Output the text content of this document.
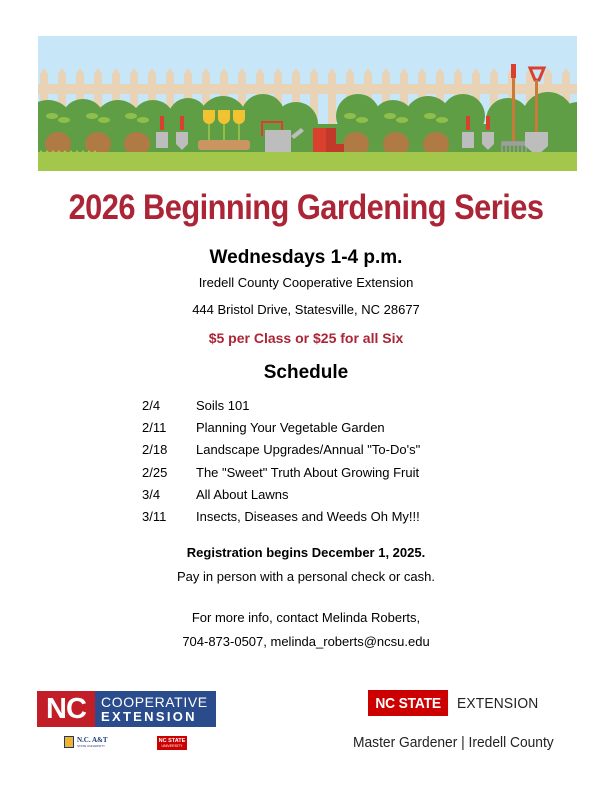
2026 Beginning Gardening Series
Wednesdays 1-4 p.m.
Iredell County Cooperative Extension
444 Bristol Drive, Statesville, NC 28677
$5 per Class or $25 for all Six
Schedule
2/4	Soils 101
2/11	Planning Your Vegetable Garden
2/18	Landscape Upgrades/Annual "To-Do's"
2/25	The "Sweet" Truth About Growing Fruit
3/4	All About Lawns
3/11	Insects, Diseases and Weeds Oh My!!!
Registration begins December 1, 2025.
Pay in person with a personal check or cash.
For more info, contact Melinda Roberts,
704-873-0507, melinda_roberts@ncsu.edu
NC	COOPERATIVE
EXTENSION
N.C. A&T
STATE UNIVERSITY
NC STATE
UNIVERSITY
NC STATE	EXTENSION
Master Gardener | Iredell County
